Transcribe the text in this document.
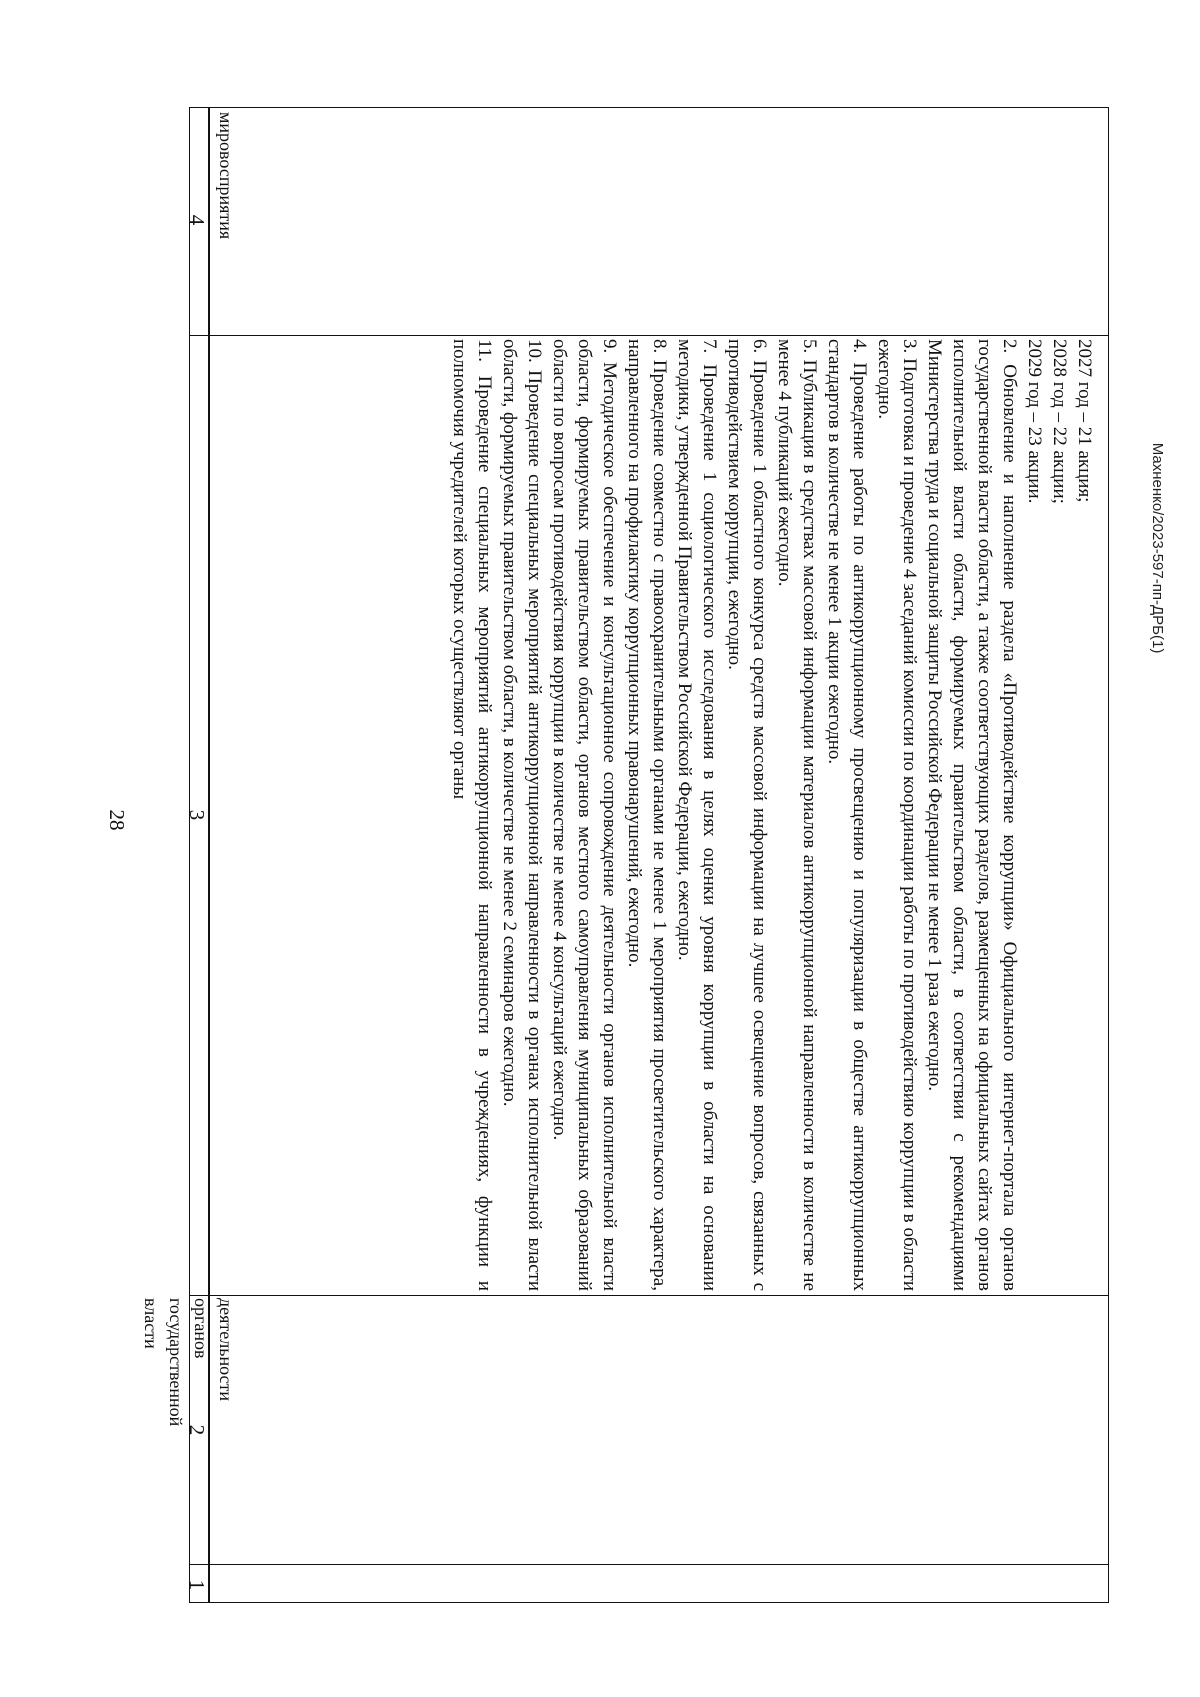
28
Махненко/2023-597-пп-ДРБ(1)
1
2
3
4
деятельности органов государственной власти
мировосприятия

2027 год – 21 акция;

2028 год – 22 акции;

2029 год – 23 акции.

2. Обновление и наполнение раздела «Противодействие коррупции» Официального интернет-портала органов государственной власти области, а также соответствующих разделов, размещенных на официальных сайтах органов исполнительной власти области, формируемых правительством области, в соответствии с рекомендациями Министерства труда и социальной защиты Российской Федерации не менее 1 раза ежегодно.

3. Подготовка и проведение 4 заседаний комиссии по координации работы по противодействию коррупции в области ежегодно.

4. Проведение работы по антикоррупционному просвещению и популяризации в обществе антикоррупционных стандартов в количестве не менее 1 акции ежегодно.

5. Публикация в средствах массовой информации материалов антикоррупционной направленности в количестве не менее 4 публикаций ежегодно.

6. Проведение 1 областного конкурса средств массовой информации на лучшее освещение вопросов, связанных с противодействием коррупции, ежегодно.

7. Проведение 1 социологического исследования в целях оценки уровня коррупции в области на основании методики, утвержденной Правительством Российской Федерации, ежегодно.

8. Проведение совместно с правоохранительными органами не менее 1 мероприятия просветительского характера, направленного на профилактику коррупционных правонарушений, ежегодно.

9. Методическое обеспечение и консультационное сопровождение деятельности органов исполнительной власти области, формируемых правительством области, органов местного самоуправления муниципальных образований области по вопросам противодействия коррупции в количестве не менее 4 консультаций ежегодно.

10. Проведение специальных мероприятий антикоррупционной направленности в органах исполнительной власти области, формируемых правительством области, в количестве не менее 2 семинаров ежегодно.

11. Проведение специальных мероприятий антикоррупционной направленности в учреждениях, функции и полномочия учредителей которых осуществляют органы
